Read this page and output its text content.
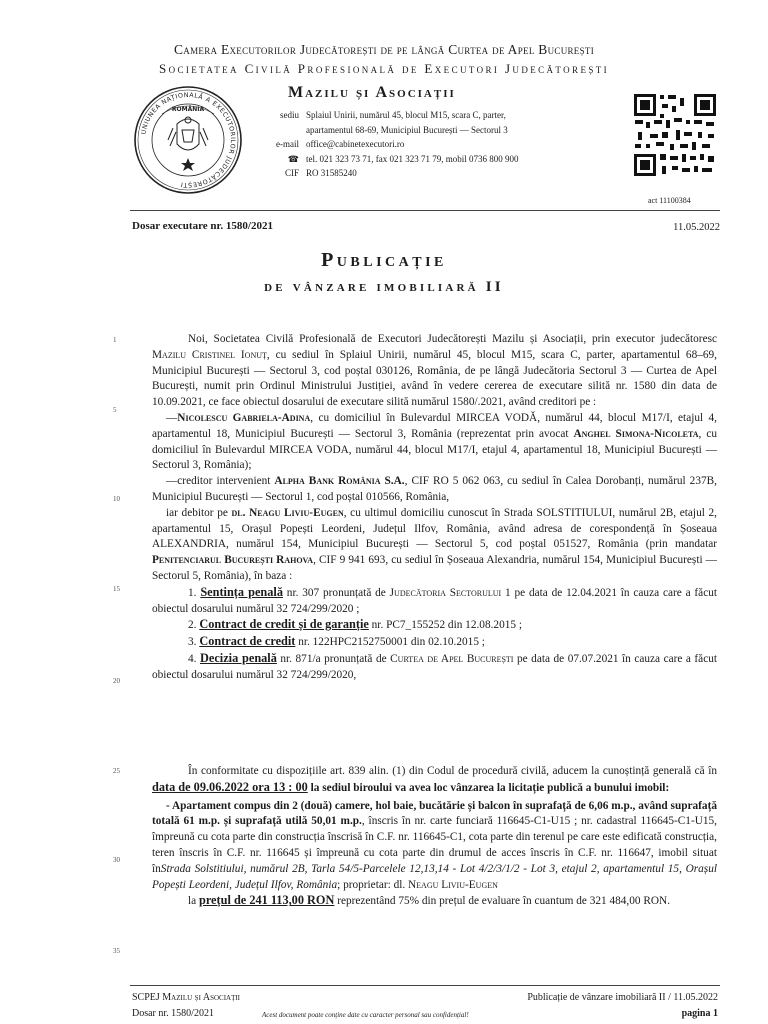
Camera Executorilor Judecătorești de pe lângă Curtea de Apel București
Societatea Civilă Profesională de Executori Judecătorești
Mazilu și Asociații
UNIUNEA NAȚIONALĂ A EXECUTORILOR JUDECĂTOREȘTI
ROMÂNIA
sediu Splaiul Unirii, numărul 45, blocul M15, scara C, parter,
apartamentul 68-69, Municipiul București — Sectorul 3
e-mail office@cabinetexecutori.ro
☎ tel. 021 323 73 71, fax 021 323 71 79, mobil 0736 800 900
CIF RO 31585240
act 11100384
Dosar executare nr. 1580/2021	11.05.2022
Publicație
de vânzare imobiliară II
1
5
10
15
20
25
30
35

Noi, Societatea Civilă Profesională de Executori Judecătorești Mazilu și Asociații, prin executor judecătoresc Mazilu Cristinel Ionuț, cu sediul în Splaiul Unirii, numărul 45, blocul M15, scara C, parter, apartamentul 68–69, Municipiul București — Sectorul 3, cod poștal 030126, România, de pe lângă Judecătoria Sectorul 3 — Curtea de Apel București, numit prin Ordinul Ministrului Justiției, având în vedere cererea de executare silită nr. 1580 din data de 10.09.2021, ce face obiectul dosarului de executare silită numărul 1580/.2021, având creditori pe :

—Nicolescu Gabriela-Adina, cu domiciliul în Bulevardul MIRCEA VODĂ, numărul 44, blocul M17/I, etajul 4, apartamentul 18, Municipiul București — Sectorul 3, România (reprezentat prin avocat Anghel Simona-Nicoleta, cu domiciliul în Bulevardul MIRCEA VODA, numărul 44, blocul M17/I, etajul 4, apartamentul 18, Municipiul București — Sectorul 3, România);

—creditor intervenient Alpha Bank România S.A., CIF RO 5 062 063, cu sediul în Calea Dorobanți, numărul 237B, Municipiul București — Sectorul 1, cod poștal 010566, România,

iar debitor pe dl. Neagu Liviu-Eugen, cu ultimul domiciliu cunoscut în Strada SOLSTITIULUI, numărul 2B, etajul 2, apartamentul 15, Orașul Popești Leordeni, Județul Ilfov, România, având adresa de corespondență în Șoseaua ALEXANDRIA, numărul 154, Municipiul București — Sectorul 5, cod poștal 051527, România (prin mandatar Penitenciarul București Rahova, CIF 9 941 693, cu sediul în Șoseaua Alexandria, numărul 154, Municipiul București — Sectorul 5, România), în baza :

1. Sentința penală nr. 307 pronunțată de Judecătoria Sectorului 1 pe data de 12.04.2021 în cauza care a făcut obiectul dosarului numărul 32 724/299/2020 ;

2. Contract de credit și de garanție nr. PC7_155252 din 12.08.2015 ;

3. Contract de credit nr. 122HPC2152750001 din 02.10.2015 ;

4. Decizia penală nr. 871/a pronunțată de Curtea de Apel București pe data de 07.07.2021 în cauza care a făcut obiectul dosarului numărul 32 724/299/2020,

În conformitate cu dispozițiile art. 839 alin. (1) din Codul de procedură civilă, aducem la cunoștință generală că în data de 09.06.2022 ora 13 : 00 la sediul biroului va avea loc vânzarea la licitație publică a bunului imobil:

- Apartament compus din 2 (două) camere, hol baie, bucătărie și balcon în suprafață de 6,06 m.p., având suprafață totală 61 m.p. și suprafață utilă 50,01 m.p., înscris în nr. carte funciară 116645-C1-U15 ; nr. cadastral 116645-C1-U15, împreună cu cota parte din construcția înscrisă în C.F. nr. 116645-C1, cota parte din terenul pe care este edificată construcția, teren înscris în C.F. nr. 116645 și împreună cu cota parte din drumul de acces înscris în C.F. nr. 116647, imobil situat înStrada Solstitiului, numărul 2B, Tarla 54/5-Parcelele 12,13,14 - Lot 4/2/3/1/2 - Lot 3, etajul 2, apartamentul 15, Orașul Popești Leordeni, Județul Ilfov, România; proprietar: dl. Neagu Liviu-Eugen

la prețul de 241 113,00 RON reprezentând 75% din prețul de evaluare în cuantum de 321 484,00 RON.

SCPEJ Mazilu și Asociații
Dosar nr. 1580/2021	Acest document poate conține date cu caracter personal sau confidențial!
Publicație de vânzare imobiliară II / 11.05.2022
pagina 1
